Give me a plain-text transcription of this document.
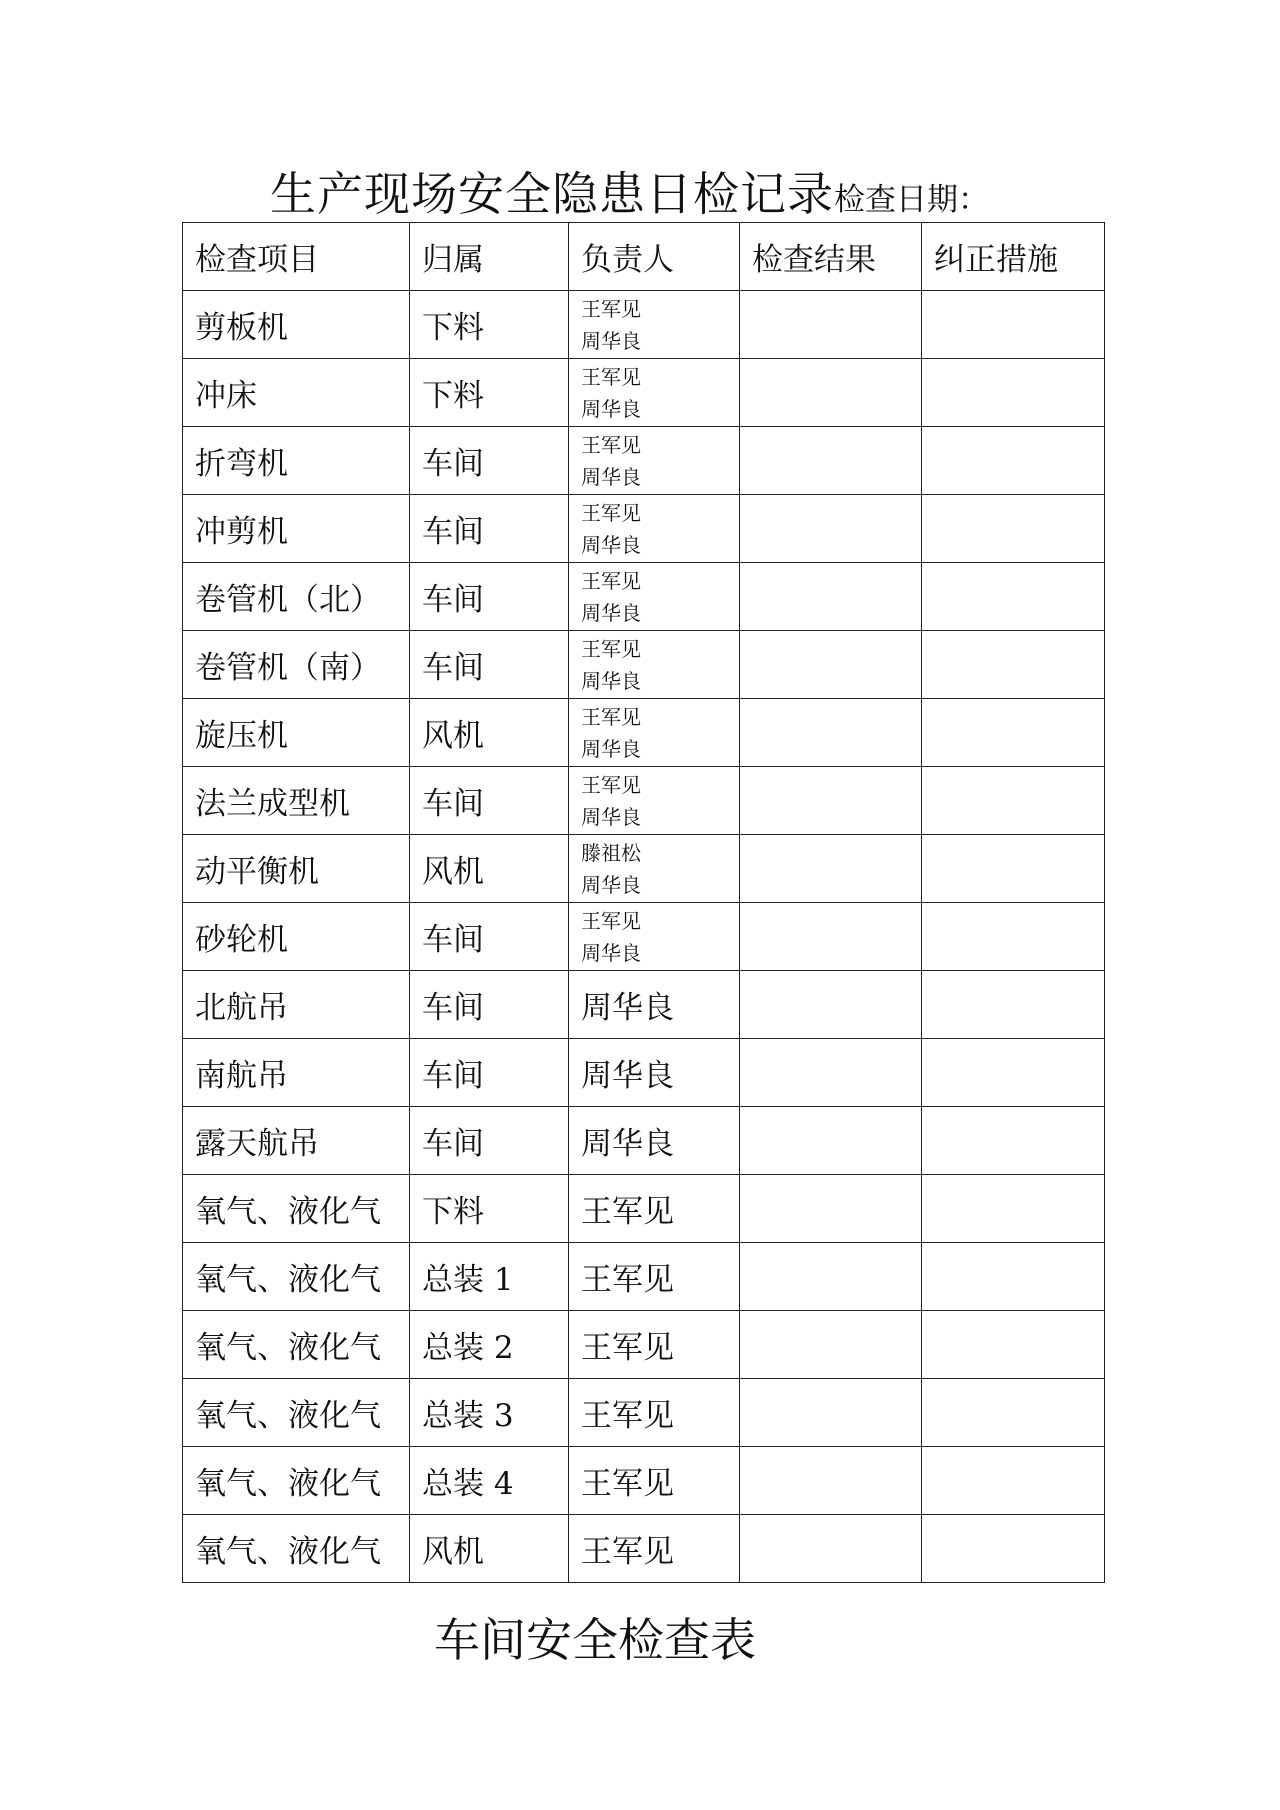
生产现场安全隐患日检记录检查日期：
检查项目	归属	负责人	检查结果	纠正措施
剪板机	下料	王军见
周华良		

冲床	下料	王军见
周华良		

折弯机	车间	王军见
周华良		

冲剪机	车间	王军见
周华良		

卷管机（北）	车间	王军见
周华良		

卷管机（南）	车间	王军见
周华良		

旋压机	风机	王军见
周华良		

法兰成型机	车间	王军见
周华良		

动平衡机	风机	滕祖松
周华良		

砂轮机	车间	王军见
周华良		

北航吊	车间	周华良		
南航吊	车间	周华良		
露天航吊	车间	周华良		
氧气、液化气	下料	王军见		
氧气、液化气	总装 1	王军见		
氧气、液化气	总装 2	王军见		
氧气、液化气	总装 3	王军见		
氧气、液化气	总装 4	王军见		
氧气、液化气	风机	王军见		
车间安全检查表
